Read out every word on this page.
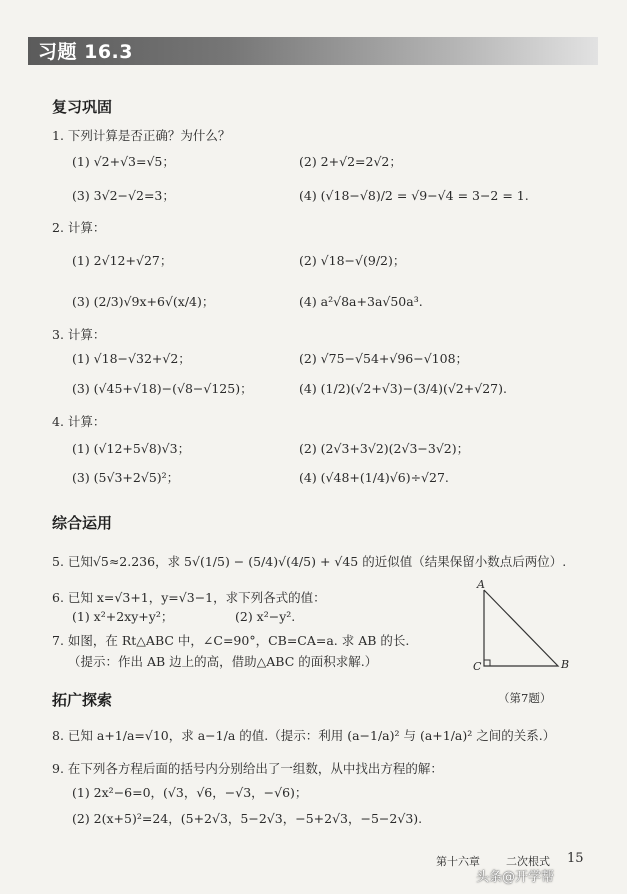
习题 16.3
复习巩固
1. 下列计算是否正确？为什么？
(1) √2+√3=√5；	(2) 2+√2=2√2；
(3) 3√2−√2=3；	(4) (√18−√8)/2 = √9−√4 = 3−2 = 1.
2. 计算：
(1) 2√12+√27；	(2) √18−√(9/2)；
(3) (2/3)√9x+6√(x/4)；	(4) a²√8a+3a√50a³.
3. 计算：
(1) √18−√32+√2；	(2) √75−√54+√96−√108；
(3) (√45+√18)−(√8−√125)；	(4) (1/2)(√2+√3)−(3/4)(√2+√27).
4. 计算：
(1) (√12+5√8)√3；	(2) (2√3+3√2)(2√3−3√2)；
(3) (5√3+2√5)²；	(4) (√48+(1/4)√6)÷√27.
综合运用
5. 已知√5≈2.236，求 5√(1/5) − (5/4)√(4/5) + √45 的近似值（结果保留小数点后两位）.
6. 已知 x=√3+1，y=√3−1，求下列各式的值：
(1) x²+2xy+y²；	(2) x²−y².
7. 如图，在 Rt△ABC 中，∠C=90°，CB=CA=a. 求 AB 的长.
（提示：作出 AB 边上的高，借助△ABC 的面积求解.）
A
B
C
拓广探索	（第7题）
8. 已知 a+1/a=√10，求 a−1/a 的值.（提示：利用 (a−1/a)² 与 (a+1/a)² 之间的关系.）
9. 在下列各方程后面的括号内分别给出了一组数，从中找出方程的解：
(1) 2x²−6=0，(√3，√6，−√3，−√6)；
(2) 2(x+5)²=24，(5+2√3，5−2√3，−5+2√3，−5−2√3).
第十六章 二次根式 15
头条@开学帮
